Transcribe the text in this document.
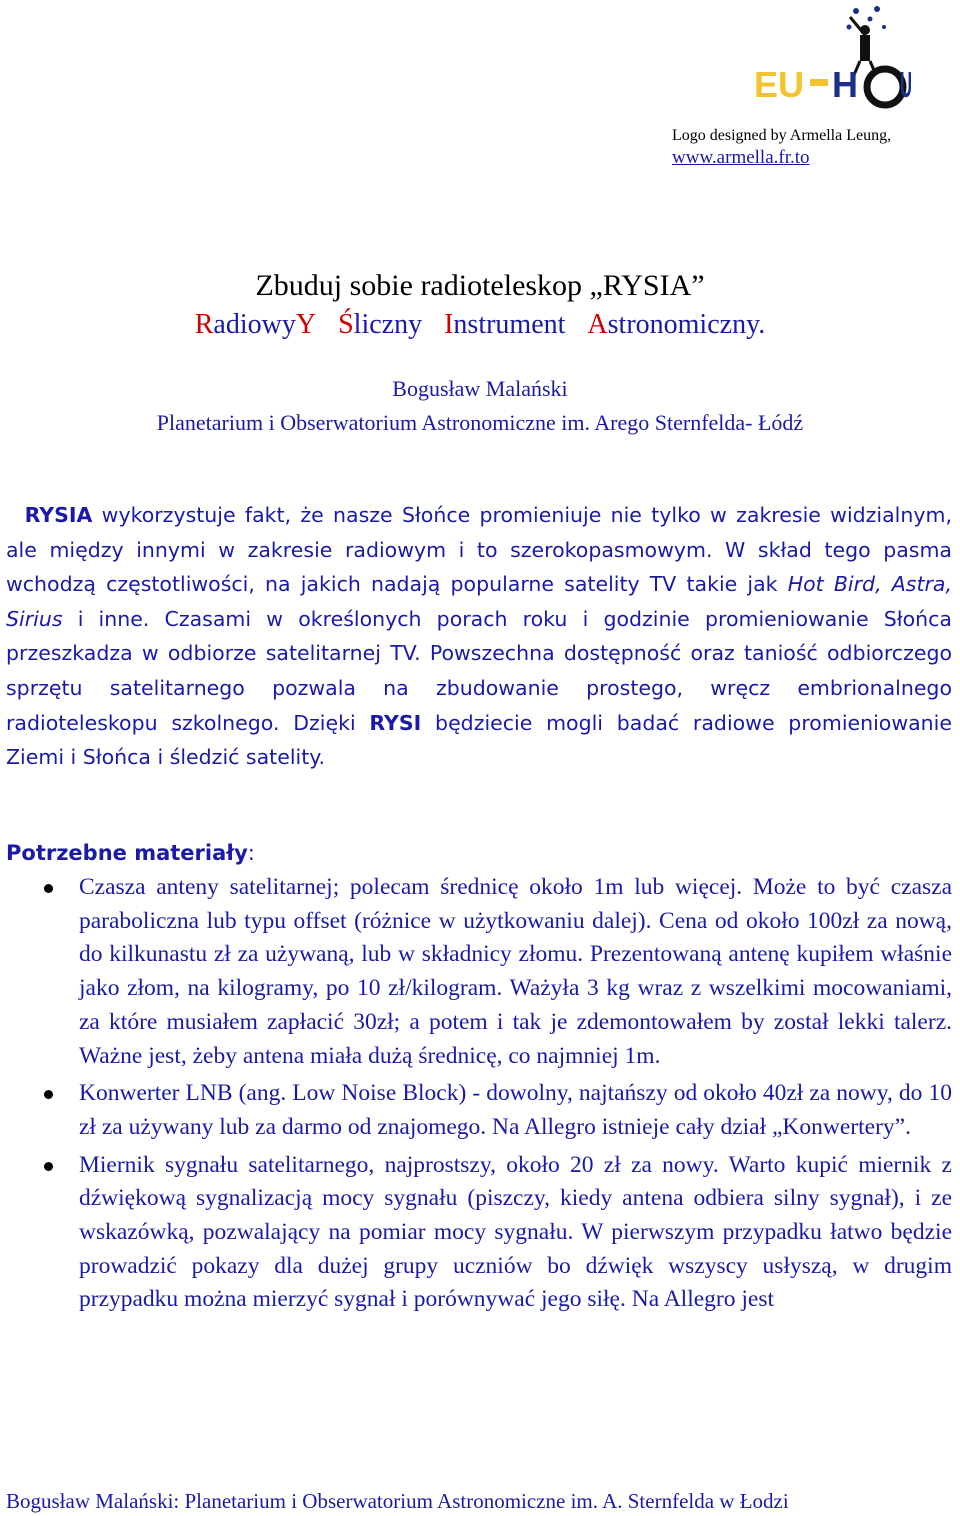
EU H U
Logo designed by Armella Leung,
www.armella.fr.to
Zbuduj sobie radioteleskop „RYSIA”
RadiowyY Śliczny Instrument Astronomiczny.
Bogusław Malański
Planetarium i Obserwatorium Astronomiczne im. Arego Sternfelda- Łódź
RYSIA wykorzystuje fakt, że nasze Słońce promieniuje nie tylko w zakresie widzialnym, ale między innymi w zakresie radiowym i to szerokopasmowym. W skład tego pasma wchodzą częstotliwości, na jakich nadają popularne satelity TV takie jak Hot Bird, Astra, Sirius i inne. Czasami w określonych porach roku i godzinie promieniowanie Słońca przeszkadza w odbiorze satelitarnej TV. Powszechna dostępność oraz taniość odbiorczego sprzętu satelitarnego pozwala na zbudowanie prostego, wręcz embrionalnego radioteleskopu szkolnego. Dzięki RYSI będziecie mogli badać radiowe promieniowanie Ziemi i Słońca i śledzić satelity.
Potrzebne materiały:
Czasza anteny satelitarnej; polecam średnicę około 1m lub więcej. Może to być czasza paraboliczna lub typu offset (różnice w użytkowaniu dalej). Cena od około 100zł za nową, do kilkunastu zł za używaną, lub w składnicy złomu. Prezentowaną antenę kupiłem właśnie jako złom, na kilogramy, po 10 zł/kilogram. Ważyła 3 kg wraz z wszelkimi mocowaniami, za które musiałem zapłacić 30zł; a potem i tak je zdemontowałem by został lekki talerz. Ważne jest, żeby antena miała dużą średnicę, co najmniej 1m.
Konwerter LNB (ang. Low Noise Block) - dowolny, najtańszy od około 40zł za nowy, do 10 zł za używany lub za darmo od znajomego. Na Allegro istnieje cały dział „Konwertery”.
Miernik sygnału satelitarnego, najprostszy, około 20 zł za nowy. Warto kupić miernik z dźwiękową sygnalizacją mocy sygnału (piszczy, kiedy antena odbiera silny sygnał), i ze wskazówką, pozwalający na pomiar mocy sygnału. W pierwszym przypadku łatwo będzie prowadzić pokazy dla dużej grupy uczniów bo dźwięk wszyscy usłyszą, w drugim przypadku można mierzyć sygnał i porównywać jego siłę. Na Allegro jest
Bogusław Malański: Planetarium i Obserwatorium Astronomiczne im. A. Sternfelda w Łodzi
